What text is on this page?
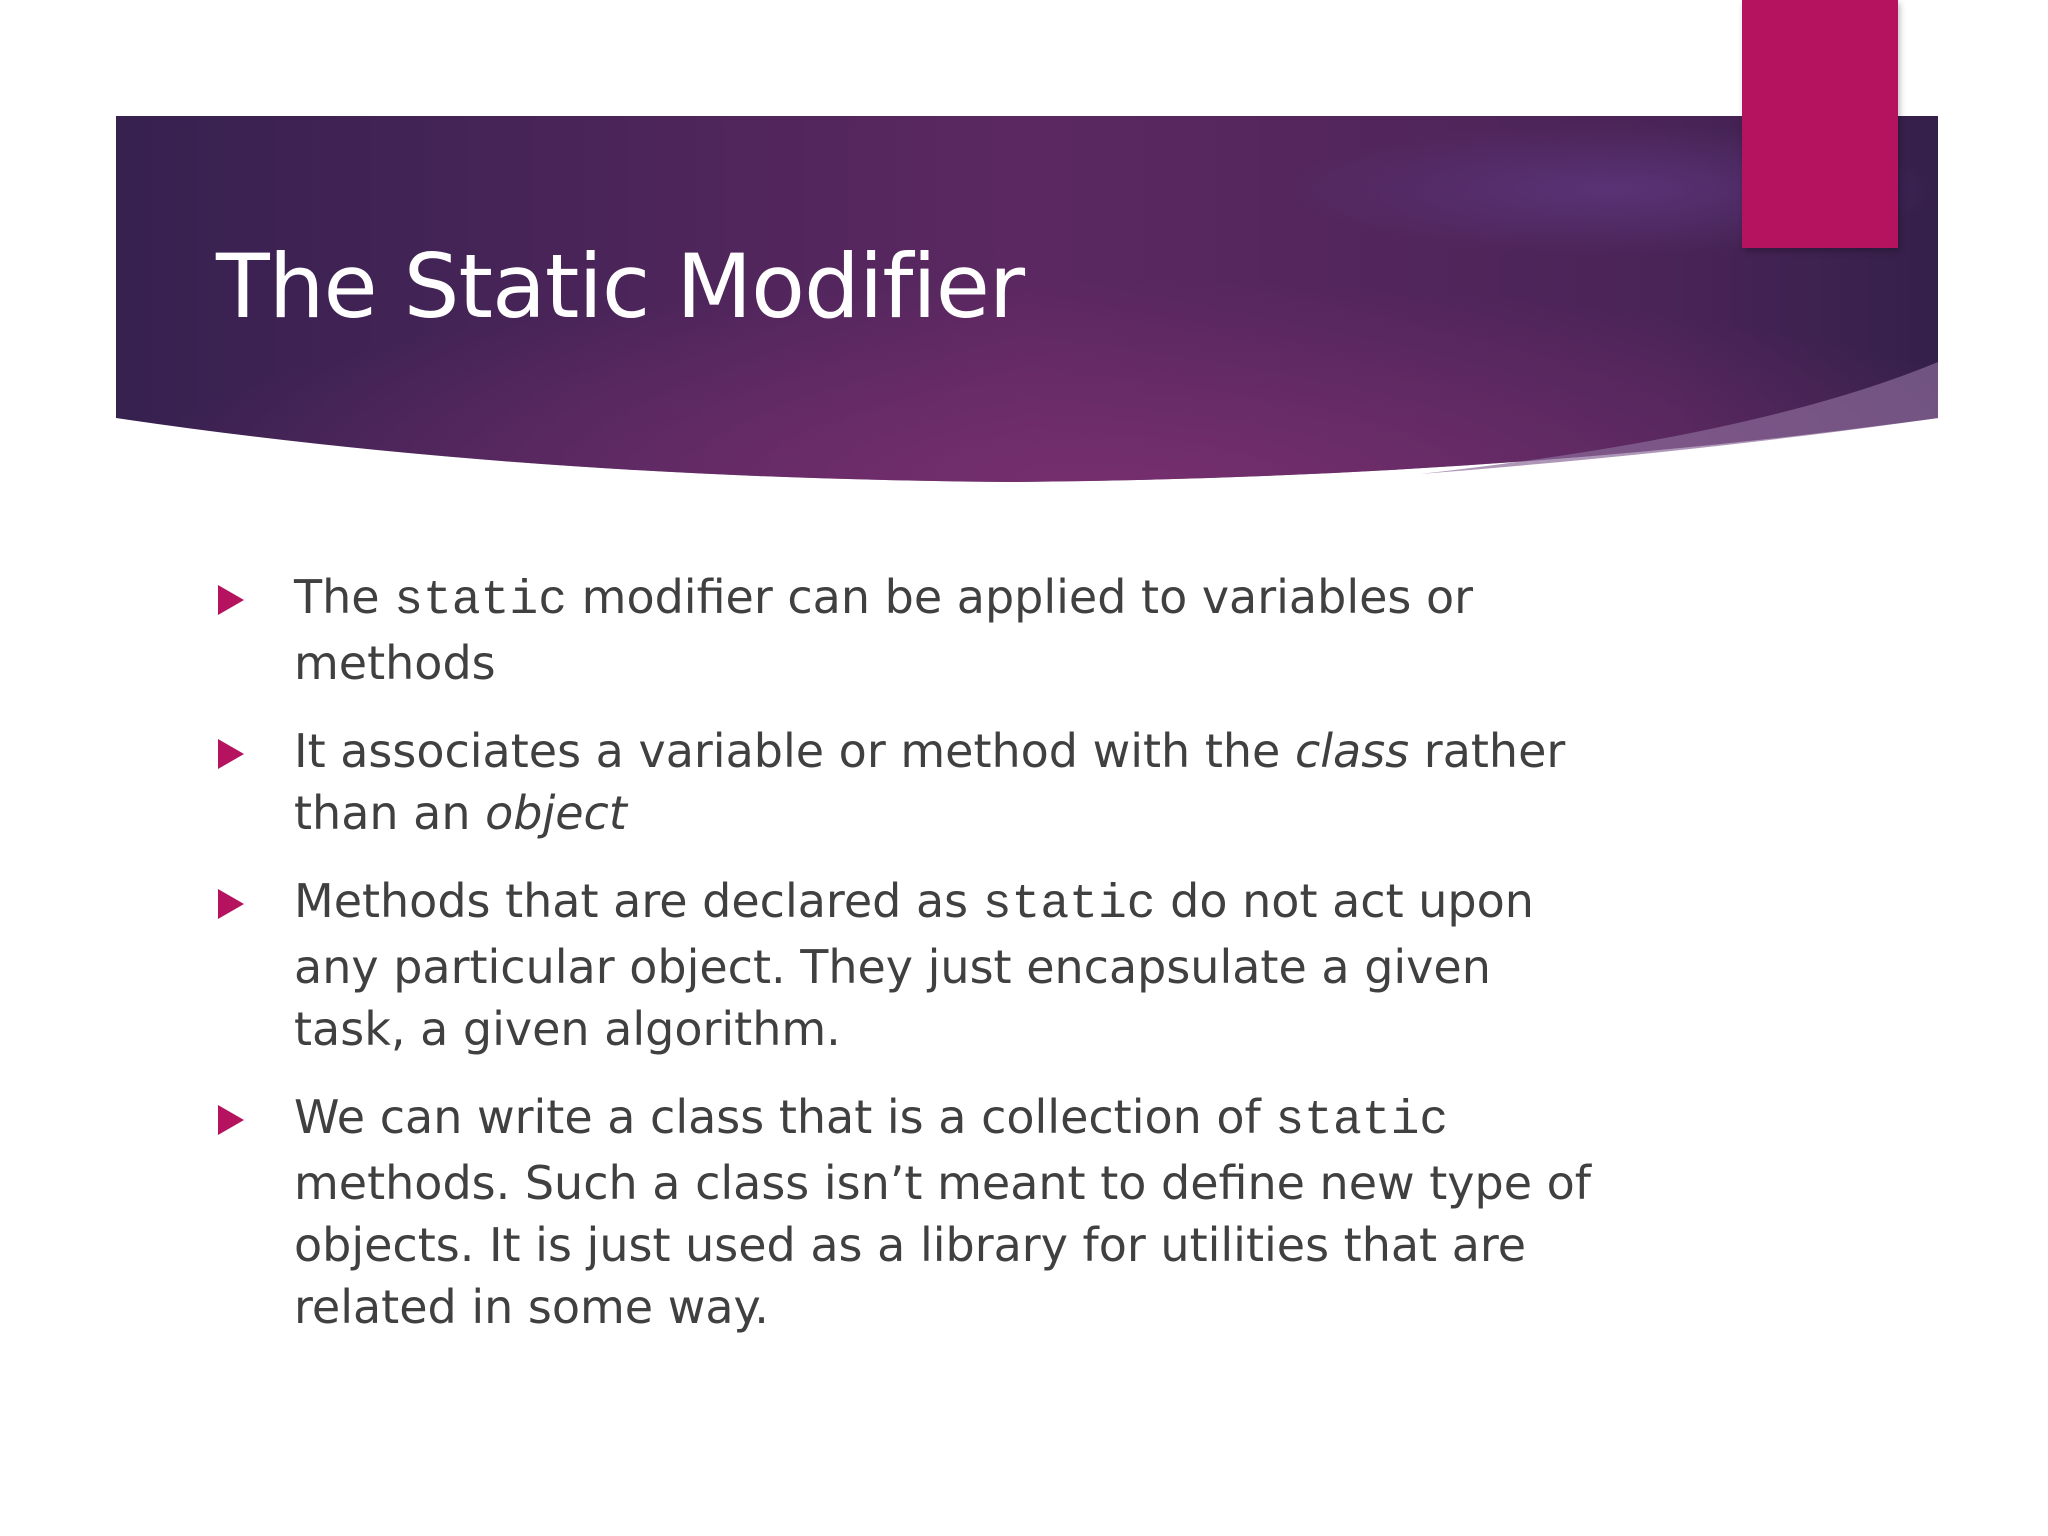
The Static Modifier
The static modifier can be applied to variables or methods
It associates a variable or method with the class rather than an object
Methods that are declared as static do not act upon any particular object. They just encapsulate a given task, a given algorithm.
We can write a class that is a collection of static methods. Such a class isn’t meant to define new type of objects. It is just used as a library for utilities that are related in some way.
